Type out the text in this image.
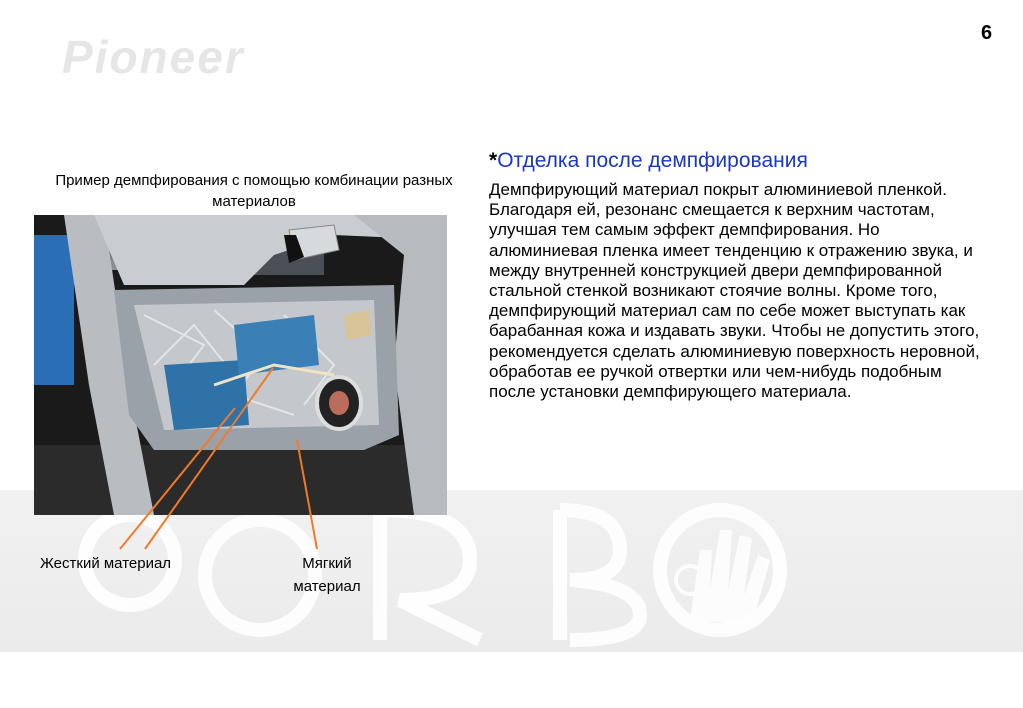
Pioneer	6
Пример демпфирования с помощью комбинации разных материалов
Жесткий материал	Мягкий материал
*Отделка после демпфирования
Демпфирующий материал покрыт алюминиевой пленкой. Благодаря ей, резонанс смещается к верхним частотам, улучшая тем самым эффект демпфирования. Но алюминиевая пленка имеет тенденцию к отражению звука, и между внутренней конструкцией двери демпфированной стальной стенкой возникают стоячие волны. Кроме того, демпфирующий материал сам по себе может выступать как барабанная кожа и издавать звуки. Чтобы не допустить этого, рекомендуется сделать алюминиевую поверхность неровной, обработав ее ручкой отвертки или чем-нибудь подобным после установки демпфирующего материала.
